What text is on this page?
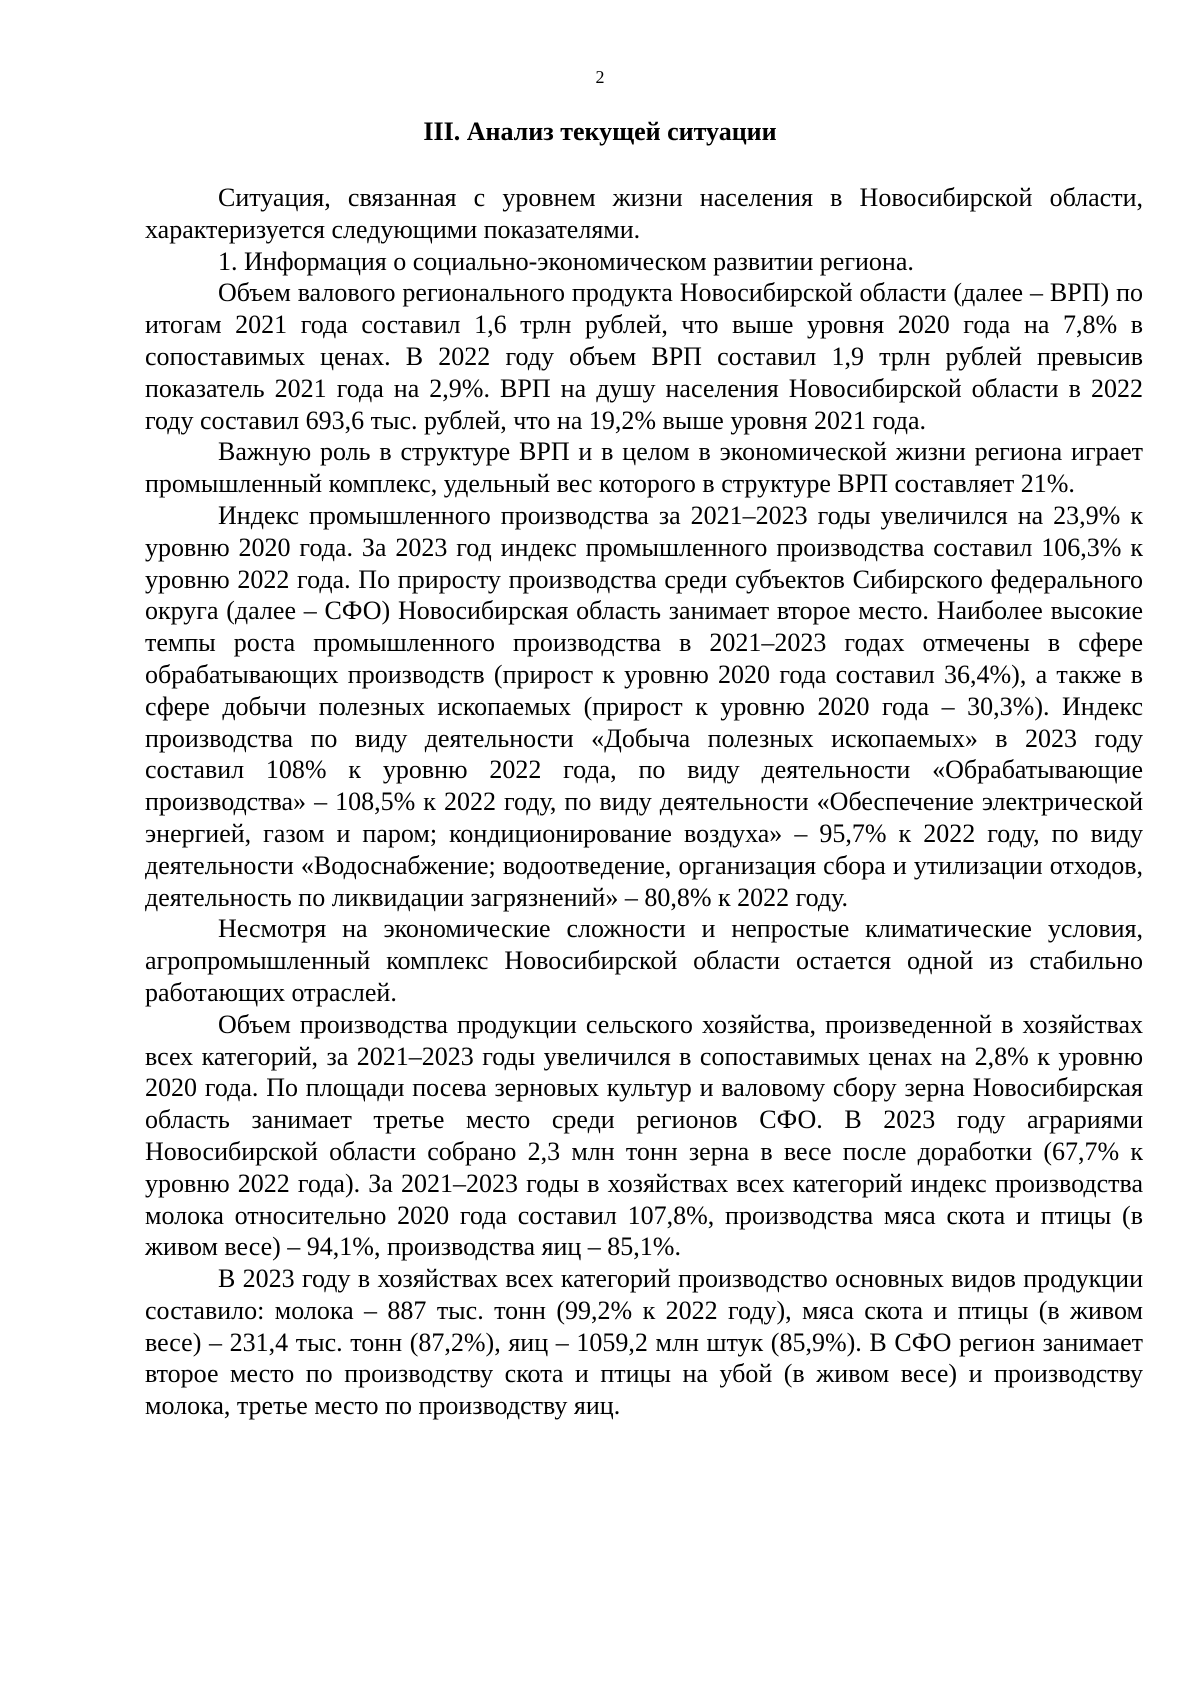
2
III. Анализ текущей ситуации

Ситуация, связанная с уровнем жизни населения в Новосибирской области, характеризуется следующими показателями.

1. Информация о социально-экономическом развитии региона.

Объем валового регионального продукта Новосибирской области (далее – ВРП) по итогам 2021 года составил 1,6 трлн рублей, что выше уровня 2020 года на 7,8% в сопоставимых ценах. В 2022 году объем ВРП составил 1,9 трлн рублей превысив показатель 2021 года на 2,9%. ВРП на душу населения Новосибирской области в 2022 году составил 693,6 тыс. рублей, что на 19,2% выше уровня 2021 года.

Важную роль в структуре ВРП и в целом в экономической жизни региона играет промышленный комплекс, удельный вес которого в структуре ВРП составляет 21%.

Индекс промышленного производства за 2021–2023 годы увеличился на 23,9% к уровню 2020 года. За 2023 год индекс промышленного производства составил 106,3% к уровню 2022 года. По приросту производства среди субъектов Сибирского федерального округа (далее – СФО) Новосибирская область занимает второе место. Наиболее высокие темпы роста промышленного производства в 2021–2023 годах отмечены в сфере обрабатывающих производств (прирост к уровню 2020 года составил 36,4%), а также в сфере добычи полезных ископаемых (прирост к уровню 2020 года – 30,3%). Индекс производства по виду деятельности «Добыча полезных ископаемых» в 2023 году составил 108% к уровню 2022 года, по виду деятельности «Обрабатывающие производства» – 108,5% к 2022 году, по виду деятельности «Обеспечение электрической энергией, газом и паром; кондиционирование воздуха» – 95,7% к 2022 году, по виду деятельности «Водоснабжение; водоотведение, организация сбора и утилизации отходов, деятельность по ликвидации загрязнений» – 80,8% к 2022 году.

Несмотря на экономические сложности и непростые климатические условия, агропромышленный комплекс Новосибирской области остается одной из стабильно работающих отраслей.

Объем производства продукции сельского хозяйства, произведенной в хозяйствах всех категорий, за 2021–2023 годы увеличился в сопоставимых ценах на 2,8% к уровню 2020 года. По площади посева зерновых культур и валовому сбору зерна Новосибирская область занимает третье место среди регионов СФО. В 2023 году аграриями Новосибирской области собрано 2,3 млн тонн зерна в весе после доработки (67,7% к уровню 2022 года). За 2021–2023 годы в хозяйствах всех категорий индекс производства молока относительно 2020 года составил 107,8%, производства мяса скота и птицы (в живом весе) – 94,1%, производства яиц – 85,1%.

В 2023 году в хозяйствах всех категорий производство основных видов продукции составило: молока – 887 тыс. тонн (99,2% к 2022 году), мяса скота и птицы (в живом весе) – 231,4 тыс. тонн (87,2%), яиц – 1059,2 млн штук (85,9%). В СФО регион занимает второе место по производству скота и птицы на убой (в живом весе) и производству молока, третье место по производству яиц.
